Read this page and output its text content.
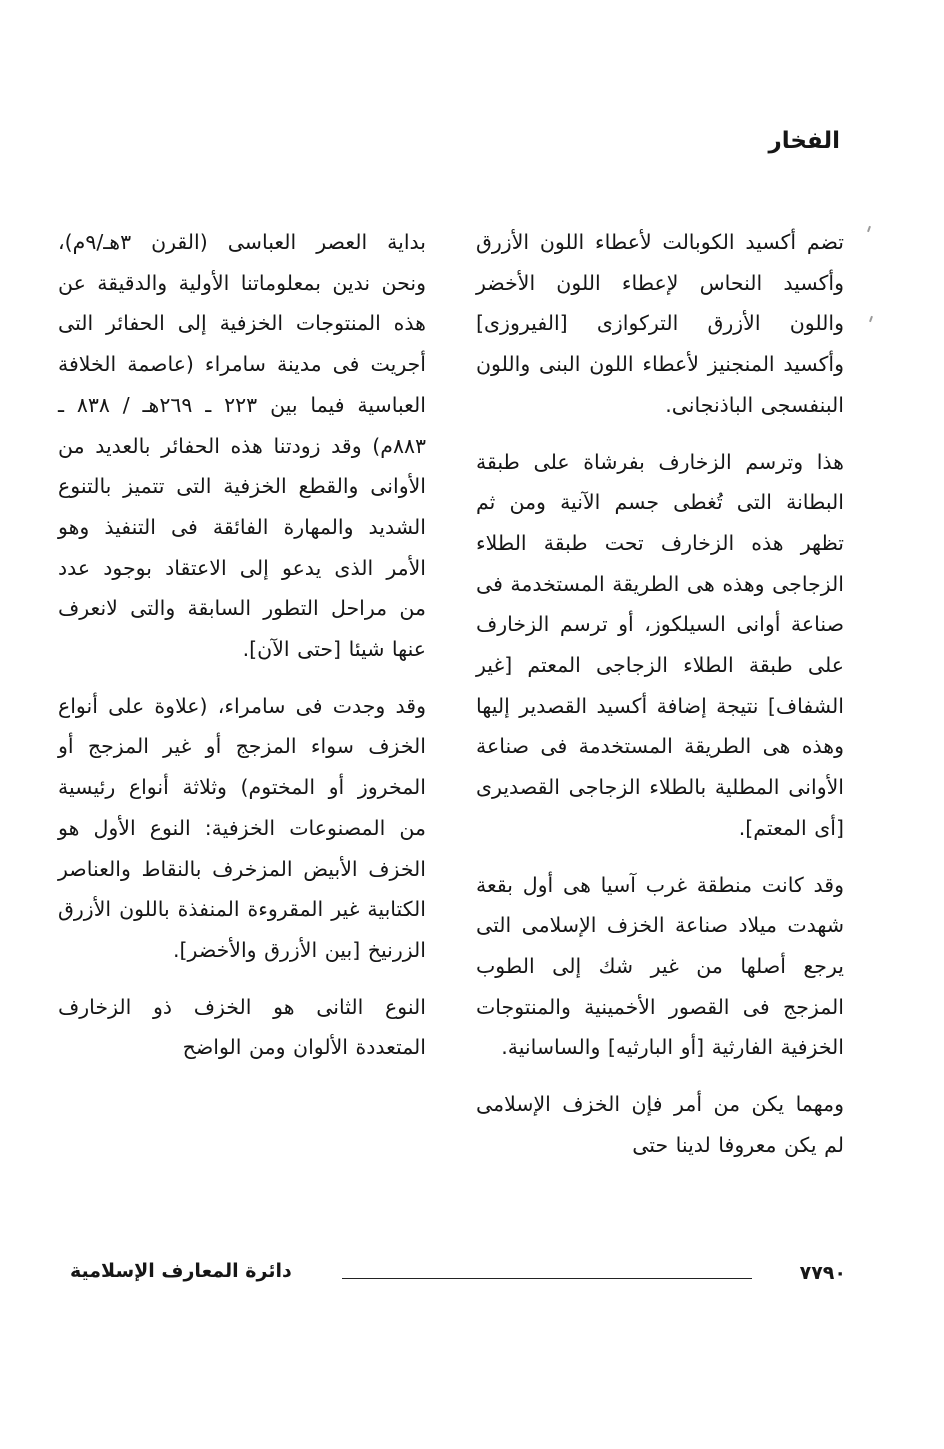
الفخار

تضم أكسيد الكوبالت لأعطاء اللون الأزرق وأكسيد النحاس لإعطاء اللون الأخضر واللون الأزرق التركوازى [الفيروزى] وأكسيد المنجنيز لأعطاء اللون البنى واللون البنفسجى الباذنجانى.

هذا وترسم الزخارف بفرشاة على طبقة البطانة التى تُغطى جسم الآنية ومن ثم تظهر هذه الزخارف تحت طبقة الطلاء الزجاجى وهذه هى الطريقة المستخدمة فى صناعة أوانى السيلكوز، أو ترسم الزخارف على طبقة الطلاء الزجاجى المعتم [غير الشفاف] نتيجة إضافة أكسيد القصدير إليها وهذه هى الطريقة المستخدمة فى صناعة الأوانى المطلية بالطلاء الزجاجى القصديرى [أى المعتم].

وقد كانت منطقة غرب آسيا هى أول بقعة شهدت ميلاد صناعة الخزف الإسلامى التى يرجع أصلها من غير شك إلى الطوب المزجج فى القصور الأخمينية والمنتوجات الخزفية الفارثية [أو البارثيه] والساسانية.

ومهما يكن من أمر فإن الخزف الإسلامى لم يكن معروفا لدينا حتى

بداية العصر العباسى (القرن ٣هـ/٩م)، ونحن ندين بمعلوماتنا الأولية والدقيقة عن هذه المنتوجات الخزفية إلى الحفائر التى أجريت فى مدينة سامراء (عاصمة الخلافة العباسية فيما بين ٢٢٣ ـ ٢٦٩هـ / ٨٣٨ ـ ٨٨٣م) وقد زودتنا هذه الحفائر بالعديد من الأوانى والقطع الخزفية التى تتميز بالتنوع الشديد والمهارة الفائقة فى التنفيذ وهو الأمر الذى يدعو إلى الاعتقاد بوجود عدد من مراحل التطور السابقة والتى لانعرف عنها شيئا [حتى الآن].

وقد وجدت فى سامراء، (علاوة على أنواع الخزف سواء المزجج أو غير المزجج أو المخروز أو المختوم) وثلاثة أنواع رئيسية من المصنوعات الخزفية: النوع الأول هو الخزف الأبيض المزخرف بالنقاط والعناصر الكتابية غير المقروءة المنفذة باللون الأزرق الزرنيخ [بين الأزرق والأخضر].

النوع الثانى هو الخزف ذو الزخارف المتعددة الألوان ومن الواضح

٧٧٩٠
دائرة المعارف الإسلامية
